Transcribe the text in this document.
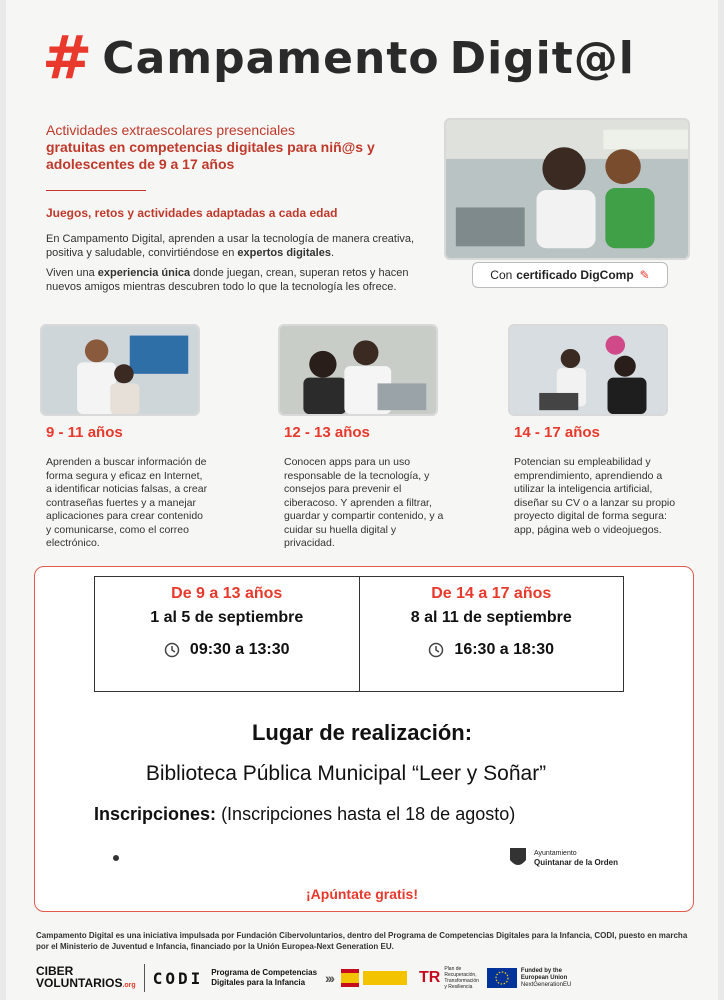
# Campamento Digit@l
Actividades extraescolares presenciales
gratuitas en competencias digitales para niñ@s y adolescentes de 9 a 17 años
Juegos, retos y actividades adaptadas a cada edad
En Campamento Digital, aprenden a usar la tecnología de manera creativa, positiva y saludable, convirtiéndose en expertos digitales.
Viven una experiencia única donde juegan, crean, superan retos y hacen nuevos amigos mientras descubren todo lo que la tecnología les ofrece.
Con certificado DigComp ✎
9 - 11 años	12 - 13 años	14 - 17 años
Aprenden a buscar información de forma segura y eficaz en Internet, a identificar noticias falsas, a crear contraseñas fuertes y a manejar aplicaciones para crear contenido y comunicarse, como el correo electrónico.
Conocen apps para un uso responsable de la tecnología, y consejos para prevenir el ciberacoso. Y aprenden a filtrar, guardar y compartir contenido, y a cuidar su huella digital y privacidad.
Potencian su empleabilidad y emprendimiento, aprendiendo a utilizar la inteligencia artificial, diseñar su CV o a lanzar su propio proyecto digital de forma segura: app, página web o videojuegos.
De 9 a 13 años
1 al 5 de septiembre
09:30 a 13:30
De 14 a 17 años
8 al 11 de septiembre
16:30 a 18:30
Lugar de realización:
Biblioteca Pública Municipal “Leer y Soñar”
Inscripciones: (Inscripciones hasta el 18 de agosto)
Ayuntamiento
Quintanar de la Orden
¡Apúntate gratis!
Campamento Digital es una iniciativa impulsada por Fundación Cibervoluntarios, dentro del Programa de Competencias Digitales para la Infancia, CODI, puesto en marcha por el Ministerio de Juventud e Infancia, financiado por la Unión Europea-Next Generation EU.
CIBER
VOLUNTARIOS.org CODI Programa de Competencias
Digitales para la Infancia	›››	TR Plan de
Recuperación,
Transformación
y Resiliencia
Funded by the
European Union
NextGenerationEU
